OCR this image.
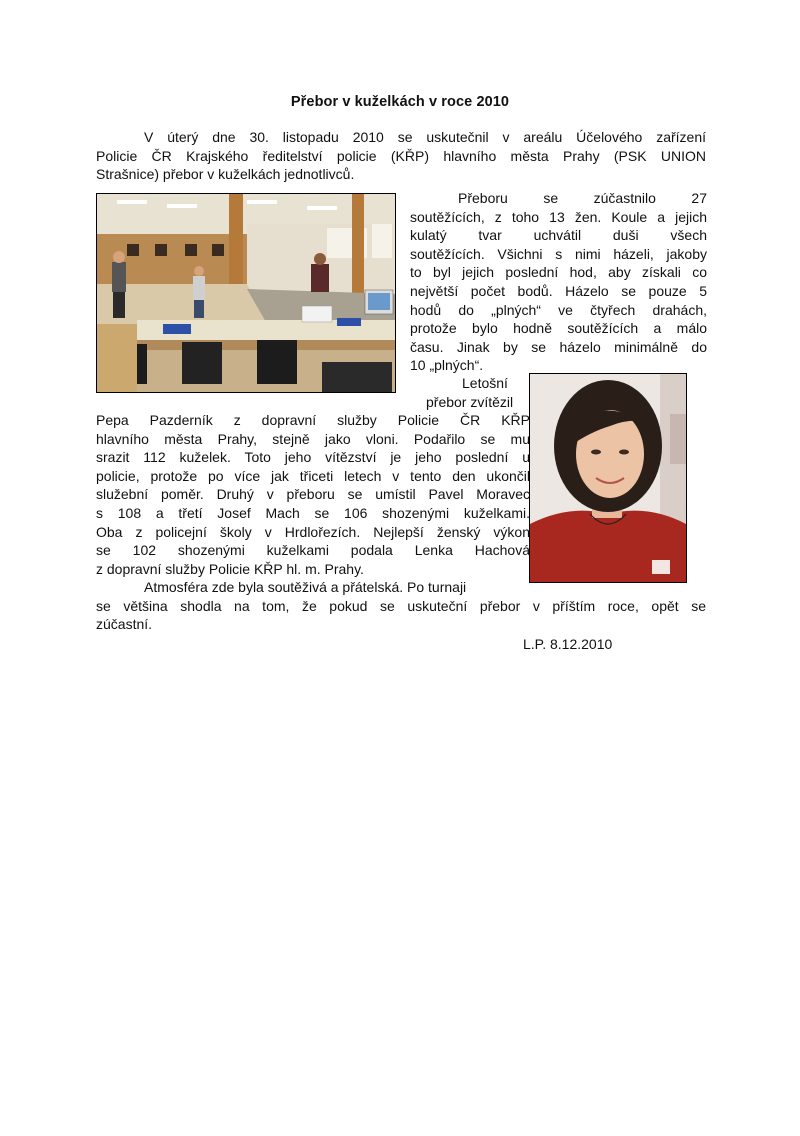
Přebor v kuželkách v roce 2010
V úterý dne 30. listopadu 2010 se uskutečnil v areálu Účelového zařízení
Policie ČR Krajského ředitelství policie (KŘP) hlavního města Prahy (PSK UNION
Strašnice) přebor v kuželkách jednotlivců.
Přeboru se zúčastnilo 27
soutěžících, z toho 13 žen. Koule a jejich
kulatý tvar uchvátil duši všech
soutěžících. Všichni s nimi házeli, jakoby
to byl jejich poslední hod, aby získali co
největší počet bodů. Házelo se pouze 5
hodů do „plných“ ve čtyřech drahách,
protože bylo hodně soutěžících a málo
času. Jinak by se házelo minimálně do
10 „plných“.
Letošní
přebor zvítězil
Pepa Pazderník z dopravní služby Policie ČR KŘP
hlavního města Prahy, stejně jako vloni. Podařilo se mu
srazit 112 kuželek. Toto jeho vítězství je jeho poslední u
policie, protože po více jak třiceti letech v tento den ukončil
služební poměr. Druhý v přeboru se umístil Pavel Moravec
s 108 a třetí Josef Mach se 106 shozenými kuželkami.
Oba z policejní školy v Hrdlořezích. Nejlepší ženský výkon
se 102 shozenými kuželkami podala Lenka Hachová
z dopravní služby Policie KŘP hl. m. Prahy.
Atmosféra zde byla soutěživá a přátelská. Po turnaji
se většina shodla na tom, že pokud se uskuteční přebor v příštím roce, opět se
zúčastní.
L.P. 8.12.2010
